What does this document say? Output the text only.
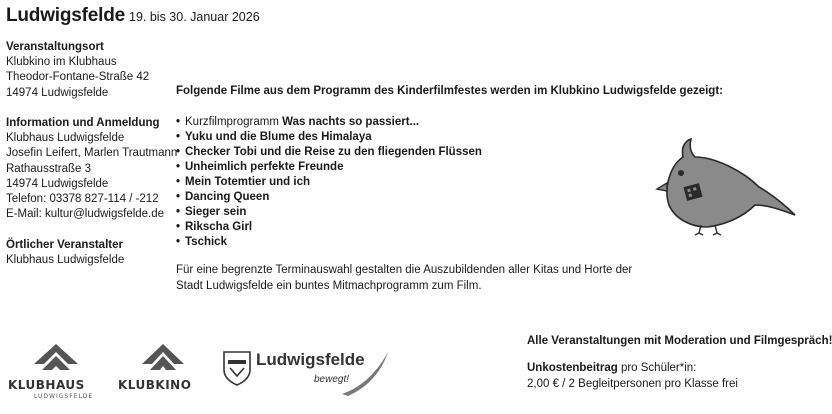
Ludwigsfelde 19. bis 30. Januar 2026
Veranstaltungsort
Klubkino im Klubhaus
Theodor-Fontane-Straße 42
14974 Ludwigsfelde
Information und Anmeldung
Klubhaus Ludwigsfelde
Josefin Leifert, Marlen Trautmann
Rathausstraße 3
14974 Ludwigsfelde
Telefon: 03378 827-114 / -212
E-Mail: kultur@ludwigsfelde.de
Örtlicher Veranstalter
Klubhaus Ludwigsfelde
Folgende Filme aus dem Programm des Kinderfilmfestes werden im Klubkino Ludwigsfelde gezeigt:
• Kurzfilmprogramm Was nachts so passiert...
• Yuku und die Blume des Himalaya
• Checker Tobi und die Reise zu den fliegenden Flüssen
• Unheimlich perfekte Freunde
• Mein Totemtier und ich
• Dancing Queen
• Sieger sein
• Rikscha Girl
• Tschick
Für eine begrenzte Terminauswahl gestalten die Auszubildenden aller Kitas und Horte der Stadt Ludwigsfelde ein buntes Mitmachprogramm zum Film.
Alle Veranstaltungen mit Moderation und Filmgespräch!
Unkostenbeitrag pro Schüler*in:
2,00 € / 2 Begleitpersonen pro Klasse frei
KLUBHAUS
LUDWIGSFELDE
KLUBKINO
Ludwigsfelde
bewegt!
